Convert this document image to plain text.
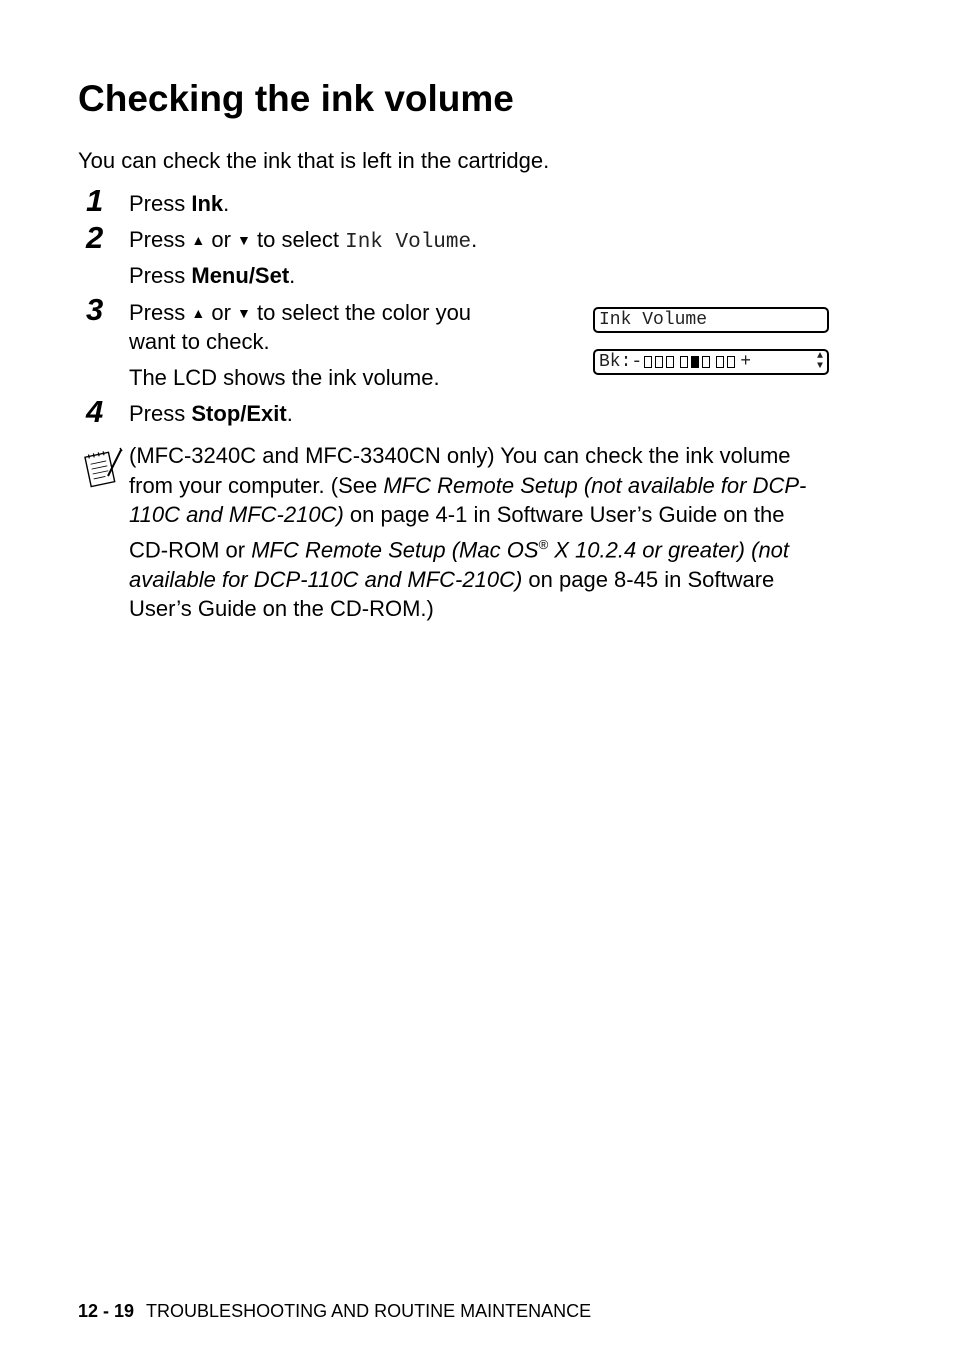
Checking the ink volume
You can check the ink that is left in the cartridge.
1 Press Ink.
2 Press ▲ or ▼ to select Ink Volume.
Press Menu/Set.
3 Press ▲ or ▼ to select the color you
want to check.
The LCD shows the ink volume.
Ink Volume
Bk:-	+	▲
▼
4 Press Stop/Exit.
(MFC-3240C and MFC-3340CN only) You can check the ink volume from your computer. (See MFC Remote Setup (not available for DCP-110C and MFC-210C) on page 4-1 in Software User’s Guide on the CD-ROM or MFC Remote Setup (Mac OS® X 10.2.4 or greater) (not available for DCP-110C and MFC-210C) on page 8-45 in Software User’s Guide on the CD-ROM.)
12 - 19 TROUBLESHOOTING AND ROUTINE MAINTENANCE
